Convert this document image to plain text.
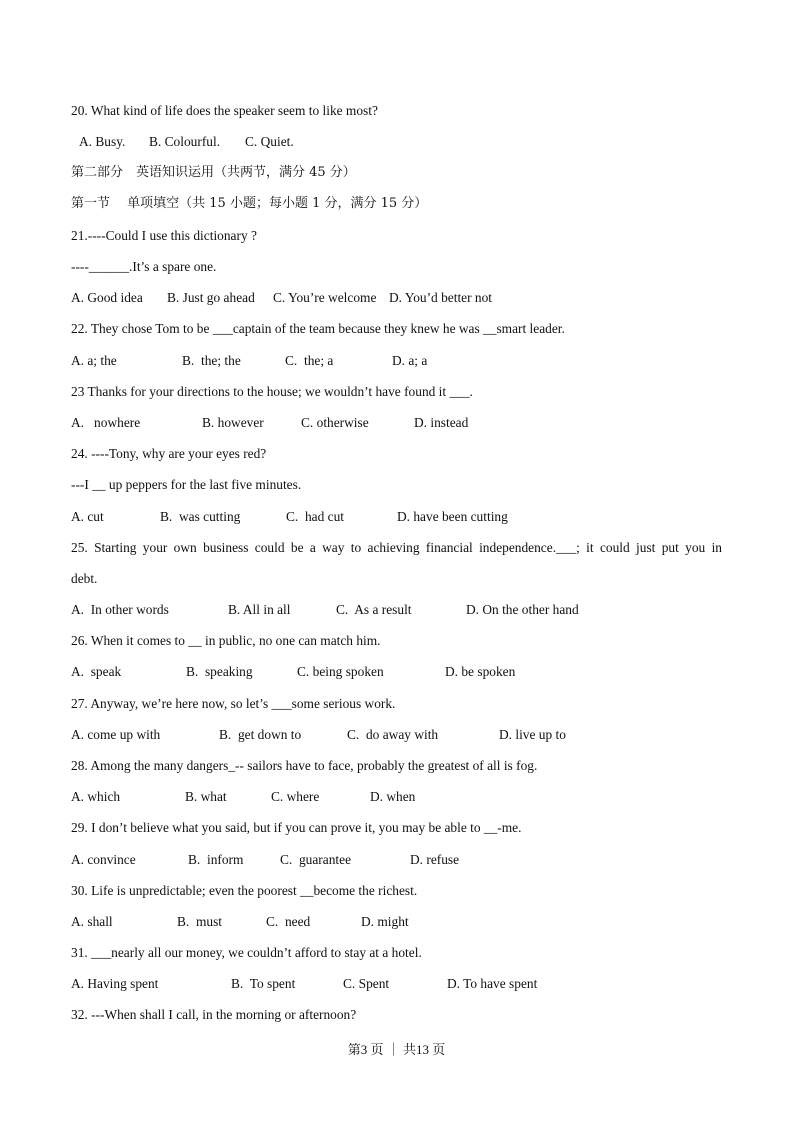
20. What kind of life does the speaker seem to like most?
A. Busy.	B. Colourful.	C. Quiet.
第二部分　英语知识运用（共两节，满分 45 分）
第一节　 单项填空（共 15 小题；每小题 1 分，满分 15 分）
21.----Could I use this dictionary ?
----______.It’s a spare one.
A. Good idea	B. Just go ahead	C. You’re welcome D. You’d better not
22. They chose Tom to be ___captain of the team because they knew he was __smart leader.
A. a; the	B.  the; the	C.  the; a	D. a; a
23 Thanks for your directions to the house; we wouldn’t have found it ___.
A.   nowhere	B. however	C. otherwise	D. instead
24. ----Tony, why are your eyes red?
---I __ up peppers for the last five minutes.
A. cut	B.  was cutting	C.  had cut	D. have been cutting
25. Starting your own business could be a way to achieving financial independence.___; it could just put you in
debt.
A.  In other words	B. All in all	C.  As a result	D. On the other hand
26. When it comes to __ in public, no one can match him.
A.  speak	B.  speaking	C. being spoken	D. be spoken
27. Anyway, we’re here now, so let’s ___some serious work.
A. come up with	B.  get down to	C.  do away with	D. live up to
28. Among the many dangers_-- sailors have to face, probably the greatest of all is fog.
A. which	B. what	C. where	D. when
29. I don’t believe what you said, but if you can prove it, you may be able to __-me.
A. convince	B.  inform	C.  guarantee	D. refuse
30. Life is unpredictable; even the poorest __become the richest.
A. shall	B.  must	C.  need	D. might
31. ___nearly all our money, we couldn’t afford to stay at a hotel.
A. Having spent	B.  To spent	C. Spent	D. To have spent
32. ---When shall I call, in the morning or afternoon?
第3 页 ｜ 共13 页
